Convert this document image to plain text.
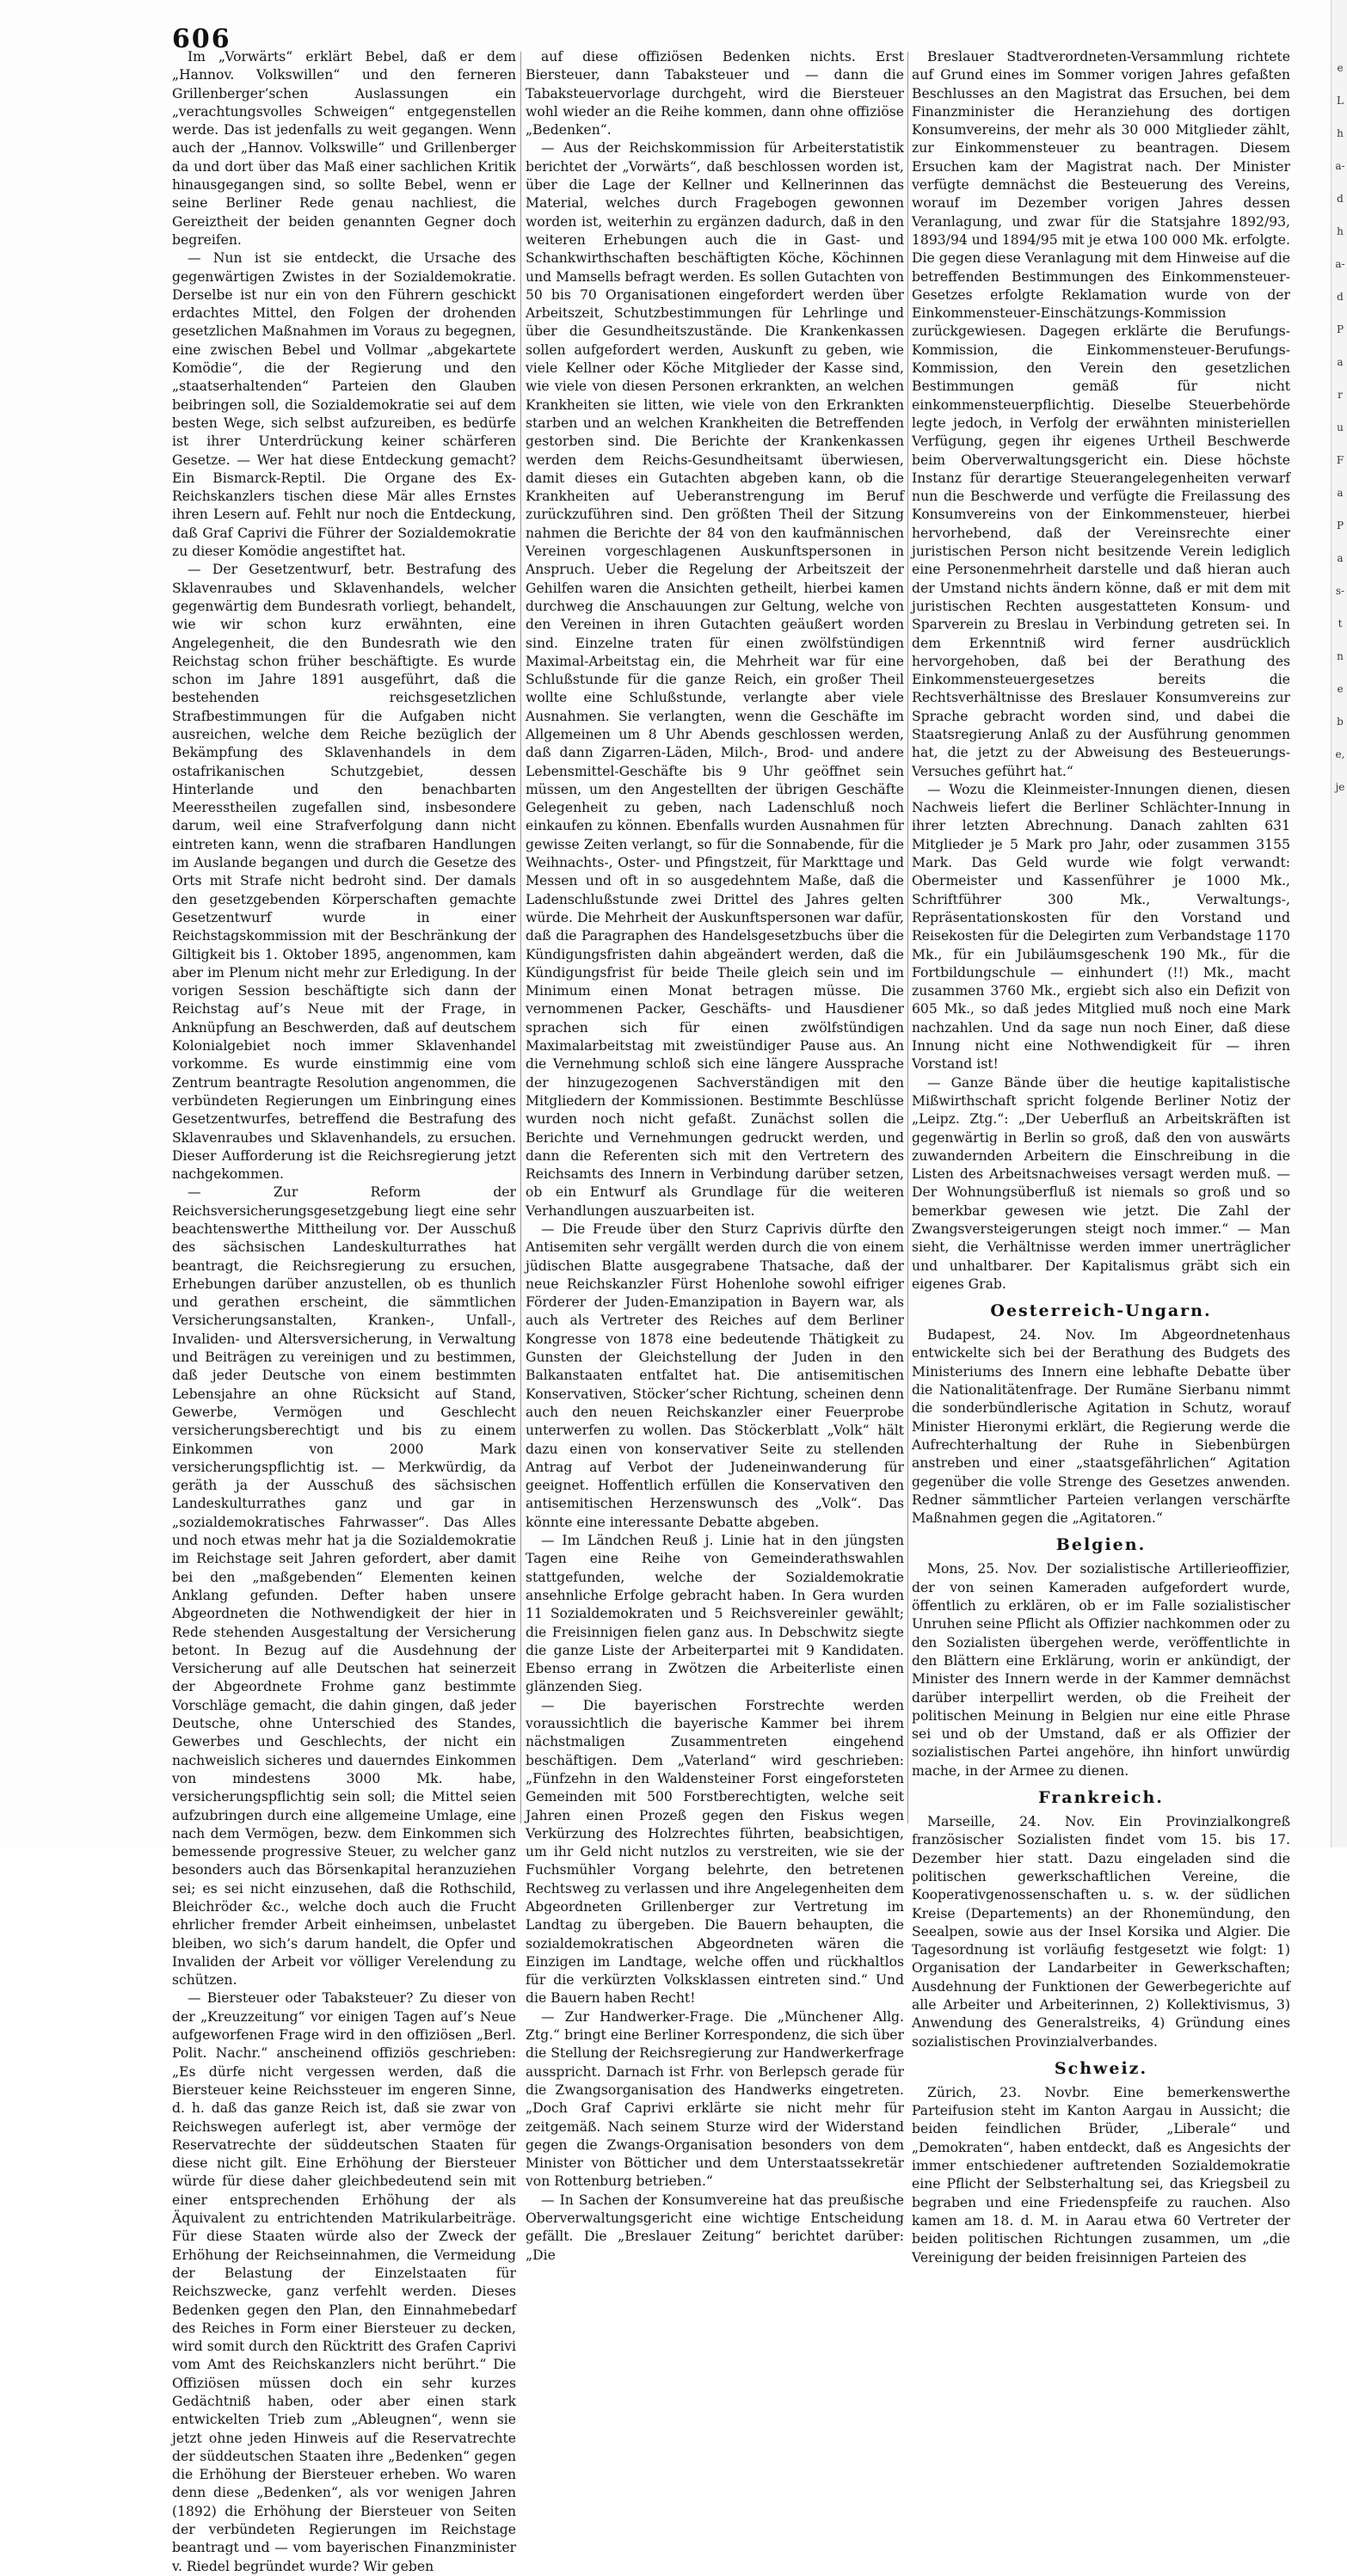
606

Im „Vorwärts“ erklärt Bebel, daß er dem „Hannov. Volkswillen“ und den ferneren Grillenberger’schen Auslassungen ein „verachtungsvolles Schweigen“ entgegenstellen werde. Das ist jedenfalls zu weit gegangen. Wenn auch der „Hannov. Volkswille“ und Grillenberger da und dort über das Maß einer sachlichen Kritik hinausgegangen sind, so sollte Bebel, wenn er seine Berliner Rede genau nachliest, die Gereiztheit der beiden genannten Gegner doch begreifen.

— Nun ist sie entdeckt, die Ursache des gegenwärtigen Zwistes in der Sozialdemokratie. Derselbe ist nur ein von den Führern geschickt erdachtes Mittel, den Folgen der drohenden gesetzlichen Maßnahmen im Voraus zu begegnen, eine zwischen Bebel und Vollmar „abgekartete Komödie“, die der Regierung und den „staatserhaltenden“ Parteien den Glauben beibringen soll, die Sozialdemokratie sei auf dem besten Wege, sich selbst aufzureiben, es bedürfe ist ihrer Unterdrückung keiner schärferen Gesetze. — Wer hat diese Entdeckung gemacht? Ein Bismarck-Reptil. Die Organe des Ex-Reichskanzlers tischen diese Mär alles Ernstes ihren Lesern auf. Fehlt nur noch die Entdeckung, daß Graf Caprivi die Führer der Sozialdemokratie zu dieser Komödie angestiftet hat.

— Der Gesetzentwurf, betr. Bestrafung des Sklavenraubes und Sklavenhandels, welcher gegenwärtig dem Bundesrath vorliegt, behandelt, wie wir schon kurz erwähnten, eine Angelegenheit, die den Bundesrath wie den Reichstag schon früher beschäftigte. Es wurde schon im Jahre 1891 ausgeführt, daß die bestehenden reichsgesetzlichen Strafbestimmungen für die Aufgaben nicht ausreichen, welche dem Reiche bezüglich der Bekämpfung des Sklavenhandels in dem ostafrikanischen Schutzgebiet, dessen Hinterlande und den benachbarten Meeresstheilen zugefallen sind, insbesondere darum, weil eine Strafverfolgung dann nicht eintreten kann, wenn die strafbaren Handlungen im Auslande begangen und durch die Gesetze des Orts mit Strafe nicht bedroht sind. Der damals den gesetzgebenden Körperschaften gemachte Gesetzentwurf wurde in einer Reichstagskommission mit der Beschränkung der Giltigkeit bis 1. Oktober 1895, angenommen, kam aber im Plenum nicht mehr zur Erledigung. In der vorigen Session beschäftigte sich dann der Reichstag auf’s Neue mit der Frage, in Anknüpfung an Beschwerden, daß auf deutschem Kolonialgebiet noch immer Sklavenhandel vorkomme. Es wurde einstimmig eine vom Zentrum beantragte Resolution angenommen, die verbündeten Regierungen um Einbringung eines Gesetzentwurfes, betreffend die Bestrafung des Sklavenraubes und Sklavenhandels, zu ersuchen. Dieser Aufforderung ist die Reichsregierung jetzt nachgekommen.

— Zur Reform der Reichsversicherungsgesetzgebung liegt eine sehr beachtenswerthe Mittheilung vor. Der Ausschuß des sächsischen Landeskulturrathes hat beantragt, die Reichsregierung zu ersuchen, Erhebungen darüber anzustellen, ob es thunlich und gerathen erscheint, die sämmtlichen Versicherungsanstalten, Kranken-, Unfall-, Invaliden- und Altersversicherung, in Verwaltung und Beiträgen zu vereinigen und zu bestimmen, daß jeder Deutsche von einem bestimmten Lebensjahre an ohne Rücksicht auf Stand, Gewerbe, Vermögen und Geschlecht versicherungsberechtigt und bis zu einem Einkommen von 2000 Mark versicherungspflichtig ist. — Merkwürdig, da geräth ja der Ausschuß des sächsischen Landeskulturrathes ganz und gar in „sozialdemokratisches Fahrwasser“. Das Alles und noch etwas mehr hat ja die Sozialdemokratie im Reichstage seit Jahren gefordert, aber damit bei den „maßgebenden“ Elementen keinen Anklang gefunden. Defter haben unsere Abgeordneten die Nothwendigkeit der hier in Rede stehenden Ausgestaltung der Versicherung betont. In Bezug auf die Ausdehnung der Versicherung auf alle Deutschen hat seinerzeit der Abgeordnete Frohme ganz bestimmte Vorschläge gemacht, die dahin gingen, daß jeder Deutsche, ohne Unterschied des Standes, Gewerbes und Geschlechts, der nicht ein nachweislich sicheres und dauerndes Einkommen von mindestens 3000 Mk. habe, versicherungspflichtig sein soll; die Mittel seien aufzubringen durch eine allgemeine Umlage, eine nach dem Vermögen, bezw. dem Einkommen sich bemessende progressive Steuer, zu welcher ganz besonders auch das Börsenkapital heranzuziehen sei; es sei nicht einzusehen, daß die Rothschild, Bleichröder &c., welche doch auch die Frucht ehrlicher fremder Arbeit einheimsen, unbelastet bleiben, wo sich’s darum handelt, die Opfer und Invaliden der Arbeit vor völliger Verelendung zu schützen.

— Biersteuer oder Tabaksteuer? Zu dieser von der „Kreuzzeitung“ vor einigen Tagen auf’s Neue aufgeworfenen Frage wird in den offiziösen „Berl. Polit. Nachr.“ anscheinend offiziös geschrieben: „Es dürfe nicht vergessen werden, daß die Biersteuer keine Reichssteuer im engeren Sinne, d. h. daß das ganze Reich ist, daß sie zwar von Reichswegen auferlegt ist, aber vermöge der Reservatrechte der süddeutschen Staaten für diese nicht gilt. Eine Erhöhung der Biersteuer würde für diese daher gleichbedeutend sein mit einer entsprechenden Erhöhung der als Äquivalent zu entrichtenden Matrikularbeiträge. Für diese Staaten würde also der Zweck der Erhöhung der Reichseinnahmen, die Vermeidung der Belastung der Einzelstaaten für Reichszwecke, ganz verfehlt werden. Dieses Bedenken gegen den Plan, den Einnahmebedarf des Reiches in Form einer Biersteuer zu decken, wird somit durch den Rücktritt des Grafen Caprivi vom Amt des Reichskanzlers nicht berührt.“ Die Offiziösen müssen doch ein sehr kurzes Gedächtniß haben, oder aber einen stark entwickelten Trieb zum „Ableugnen“, wenn sie jetzt ohne jeden Hinweis auf die Reservatrechte der süddeutschen Staaten ihre „Bedenken“ gegen die Erhöhung der Biersteuer erheben. Wo waren denn diese „Bedenken“, als vor wenigen Jahren (1892) die Erhöhung der Biersteuer von Seiten der verbündeten Regierungen im Reichstage beantragt und — vom bayerischen Finanzminister v. Riedel begründet wurde? Wir geben

auf diese offiziösen Bedenken nichts. Erst Biersteuer, dann Tabaksteuer und — dann die Tabaksteuervorlage durchgeht, wird die Biersteuer wohl wieder an die Reihe kommen, dann ohne offiziöse „Bedenken“.

— Aus der Reichskommission für Arbeiterstatistik berichtet der „Vorwärts“, daß beschlossen worden ist, über die Lage der Kellner und Kellnerinnen das Material, welches durch Fragebogen gewonnen worden ist, weiterhin zu ergänzen dadurch, daß in den weiteren Erhebungen auch die in Gast- und Schankwirthschaften beschäftigten Köche, Köchinnen und Mamsells befragt werden. Es sollen Gutachten von 50 bis 70 Organisationen eingefordert werden über Arbeitszeit, Schutzbestimmungen für Lehrlinge und über die Gesundheitszustände. Die Krankenkassen sollen aufgefordert werden, Auskunft zu geben, wie viele Kellner oder Köche Mitglieder der Kasse sind, wie viele von diesen Personen erkrankten, an welchen Krankheiten sie litten, wie viele von den Erkrankten starben und an welchen Krankheiten die Betreffenden gestorben sind. Die Berichte der Krankenkassen werden dem Reichs-Gesundheitsamt überwiesen, damit dieses ein Gutachten abgeben kann, ob die Krankheiten auf Ueberanstrengung im Beruf zurückzuführen sind. Den größten Theil der Sitzung nahmen die Berichte der 84 von den kaufmännischen Vereinen vorgeschlagenen Auskunftspersonen in Anspruch. Ueber die Regelung der Arbeitszeit der Gehilfen waren die Ansichten getheilt, hierbei kamen durchweg die Anschauungen zur Geltung, welche von den Vereinen in ihren Gutachten geäußert worden sind. Einzelne traten für einen zwölfstündigen Maximal-Arbeitstag ein, die Mehrheit war für eine Schlußstunde für die ganze Reich, ein großer Theil wollte eine Schlußstunde, verlangte aber viele Ausnahmen. Sie verlangten, wenn die Geschäfte im Allgemeinen um 8 Uhr Abends geschlossen werden, daß dann Zigarren-Läden, Milch-, Brod- und andere Lebensmittel-Geschäfte bis 9 Uhr geöffnet sein müssen, um den Angestellten der übrigen Geschäfte Gelegenheit zu geben, nach Ladenschluß noch einkaufen zu können. Ebenfalls wurden Ausnahmen für gewisse Zeiten verlangt, so für die Sonnabende, für die Weihnachts-, Oster- und Pfingstzeit, für Markttage und Messen und oft in so ausgedehntem Maße, daß die Ladenschlußstunde zwei Drittel des Jahres gelten würde. Die Mehrheit der Auskunftspersonen war dafür, daß die Paragraphen des Handelsgesetzbuchs über die Kündigungsfristen dahin abgeändert werden, daß die Kündigungsfrist für beide Theile gleich sein und im Minimum einen Monat betragen müsse. Die vernommenen Packer, Geschäfts- und Hausdiener sprachen sich für einen zwölfstündigen Maximalarbeitstag mit zweistündiger Pause aus. An die Vernehmung schloß sich eine längere Aussprache der hinzugezogenen Sachverständigen mit den Mitgliedern der Kommissionen. Bestimmte Beschlüsse wurden noch nicht gefaßt. Zunächst sollen die Berichte und Vernehmungen gedruckt werden, und dann die Referenten sich mit den Vertretern des Reichsamts des Innern in Verbindung darüber setzen, ob ein Entwurf als Grundlage für die weiteren Verhandlungen auszuarbeiten ist.

— Die Freude über den Sturz Caprivis dürfte den Antisemiten sehr vergällt werden durch die von einem jüdischen Blatte ausgegrabene Thatsache, daß der neue Reichskanzler Fürst Hohenlohe sowohl eifriger Förderer der Juden-Emanzipation in Bayern war, als auch als Vertreter des Reiches auf dem Berliner Kongresse von 1878 eine bedeutende Thätigkeit zu Gunsten der Gleichstellung der Juden in den Balkanstaaten entfaltet hat. Die antisemitischen Konservativen, Stöcker’scher Richtung, scheinen denn auch den neuen Reichskanzler einer Feuerprobe unterwerfen zu wollen. Das Stöckerblatt „Volk“ hält dazu einen von konservativer Seite zu stellenden Antrag auf Verbot der Judeneinwanderung für geeignet. Hoffentlich erfüllen die Konservativen den antisemitischen Herzenswunsch des „Volk“. Das könnte eine interessante Debatte abgeben.

— Im Ländchen Reuß j. Linie hat in den jüngsten Tagen eine Reihe von Gemeinderathswahlen stattgefunden, welche der Sozialdemokratie ansehnliche Erfolge gebracht haben. In Gera wurden 11 Sozialdemokraten und 5 Reichsvereinler gewählt; die Freisinnigen fielen ganz aus. In Debschwitz siegte die ganze Liste der Arbeiterpartei mit 9 Kandidaten. Ebenso errang in Zwötzen die Arbeiterliste einen glänzenden Sieg.

— Die bayerischen Forstrechte werden voraussichtlich die bayerische Kammer bei ihrem nächstmaligen Zusammentreten eingehend beschäftigen. Dem „Vaterland“ wird geschrieben: „Fünfzehn in den Waldensteiner Forst eingeforsteten Gemeinden mit 500 Forstberechtigten, welche seit Jahren einen Prozeß gegen den Fiskus wegen Verkürzung des Holzrechtes führten, beabsichtigen, um ihr Geld nicht nutzlos zu verstreiten, wie sie der Fuchsmühler Vorgang belehrte, den betretenen Rechtsweg zu verlassen und ihre Angelegenheiten dem Abgeordneten Grillenberger zur Vertretung im Landtag zu übergeben. Die Bauern behaupten, die sozialdemokratischen Abgeordneten wären die Einzigen im Landtage, welche offen und rückhaltlos für die verkürzten Volksklassen eintreten sind.“ Und die Bauern haben Recht!

— Zur Handwerker-Frage. Die „Münchener Allg. Ztg.“ bringt eine Berliner Korrespondenz, die sich über die Stellung der Reichsregierung zur Handwerkerfrage ausspricht. Darnach ist Frhr. von Berlepsch gerade für die Zwangsorganisation des Handwerks eingetreten. „Doch Graf Caprivi erklärte sie nicht mehr für zeitgemäß. Nach seinem Sturze wird der Widerstand gegen die Zwangs-Organisation besonders von dem Minister von Bötticher und dem Unterstaatssekretär von Rottenburg betrieben.“

— In Sachen der Konsumvereine hat das preußische Oberverwaltungsgericht eine wichtige Entscheidung gefällt. Die „Breslauer Zeitung“ berichtet darüber: „Die

Breslauer Stadtverordneten-Versammlung richtete auf Grund eines im Sommer vorigen Jahres gefaßten Beschlusses an den Magistrat das Ersuchen, bei dem Finanzminister die Heranziehung des dortigen Konsumvereins, der mehr als 30 000 Mitglieder zählt, zur Einkommensteuer zu beantragen. Diesem Ersuchen kam der Magistrat nach. Der Minister verfügte demnächst die Besteuerung des Vereins, worauf im Dezember vorigen Jahres dessen Veranlagung, und zwar für die Statsjahre 1892/93, 1893/94 und 1894/95 mit je etwa 100 000 Mk. erfolgte. Die gegen diese Veranlagung mit dem Hinweise auf die betreffenden Bestimmungen des Einkommensteuer-Gesetzes erfolgte Reklamation wurde von der Einkommensteuer-Einschätzungs-Kommission zurückgewiesen. Dagegen erklärte die Berufungs-Kommission, die Einkommensteuer-Berufungs-Kommission, den Verein den gesetzlichen Bestimmungen gemäß für nicht einkommensteuerpflichtig. Dieselbe Steuerbehörde legte jedoch, in Verfolg der erwähnten ministeriellen Verfügung, gegen ihr eigenes Urtheil Beschwerde beim Oberverwaltungsgericht ein. Diese höchste Instanz für derartige Steuerangelegenheiten verwarf nun die Beschwerde und verfügte die Freilassung des Konsumvereins von der Einkommensteuer, hierbei hervorhebend, daß der Vereinsrechte einer juristischen Person nicht besitzende Verein lediglich eine Personenmehrheit darstelle und daß hieran auch der Umstand nichts ändern könne, daß er mit dem mit juristischen Rechten ausgestatteten Konsum- und Sparverein zu Breslau in Verbindung getreten sei. In dem Erkenntniß wird ferner ausdrücklich hervorgehoben, daß bei der Berathung des Einkommensteuergesetzes bereits die Rechtsverhältnisse des Breslauer Konsumvereins zur Sprache gebracht worden sind, und dabei die Staatsregierung Anlaß zu der Ausführung genommen hat, die jetzt zu der Abweisung des Besteuerungs-Versuches geführt hat.“

— Wozu die Kleinmeister-Innungen dienen, diesen Nachweis liefert die Berliner Schlächter-Innung in ihrer letzten Abrechnung. Danach zahlten 631 Mitglieder je 5 Mark pro Jahr, oder zusammen 3155 Mark. Das Geld wurde wie folgt verwandt: Obermeister und Kassenführer je 1000 Mk., Schriftführer 300 Mk., Verwaltungs-, Repräsentationskosten für den Vorstand und Reisekosten für die Delegirten zum Verbandstage 1170 Mk., für ein Jubiläumsgeschenk 190 Mk., für die Fortbildungschule — einhundert (!!) Mk., macht zusammen 3760 Mk., ergiebt sich also ein Defizit von 605 Mk., so daß jedes Mitglied muß noch eine Mark nachzahlen. Und da sage nun noch Einer, daß diese Innung nicht eine Nothwendigkeit für — ihren Vorstand ist!

— Ganze Bände über die heutige kapitalistische Mißwirthschaft spricht folgende Berliner Notiz der „Leipz. Ztg.“: „Der Ueberfluß an Arbeitskräften ist gegenwärtig in Berlin so groß, daß den von auswärts zuwandernden Arbeitern die Einschreibung in die Listen des Arbeitsnachweises versagt werden muß. — Der Wohnungsüberfluß ist niemals so groß und so bemerkbar gewesen wie jetzt. Die Zahl der Zwangsversteigerungen steigt noch immer.“ — Man sieht, die Verhältnisse werden immer unerträglicher und unhaltbarer. Der Kapitalismus gräbt sich ein eigenes Grab.

Oesterreich-Ungarn.

Budapest, 24. Nov. Im Abgeordnetenhaus entwickelte sich bei der Berathung des Budgets des Ministeriums des Innern eine lebhafte Debatte über die Nationalitätenfrage. Der Rumäne Sierbanu nimmt die sonderbündlerische Agitation in Schutz, worauf Minister Hieronymi erklärt, die Regierung werde die Aufrechterhaltung der Ruhe in Siebenbürgen anstreben und einer „staatsgefährlichen“ Agitation gegenüber die volle Strenge des Gesetzes anwenden. Redner sämmtlicher Parteien verlangen verschärfte Maßnahmen gegen die „Agitatoren.“

Belgien.

Mons, 25. Nov. Der sozialistische Artillerieoffizier, der von seinen Kameraden aufgefordert wurde, öffentlich zu erklären, ob er im Falle sozialistischer Unruhen seine Pflicht als Offizier nachkommen oder zu den Sozialisten übergehen werde, veröffentlichte in den Blättern eine Erklärung, worin er ankündigt, der Minister des Innern werde in der Kammer demnächst darüber interpellirt werden, ob die Freiheit der politischen Meinung in Belgien nur eine eitle Phrase sei und ob der Umstand, daß er als Offizier der sozialistischen Partei angehöre, ihn hinfort unwürdig mache, in der Armee zu dienen.

Frankreich.

Marseille, 24. Nov. Ein Provinzialkongreß französischer Sozialisten findet vom 15. bis 17. Dezember hier statt. Dazu eingeladen sind die politischen gewerkschaftlichen Vereine, die Kooperativgenossenschaften u. s. w. der südlichen Kreise (Departements) an der Rhonemündung, den Seealpen, sowie aus der Insel Korsika und Algier. Die Tagesordnung ist vorläufig festgesetzt wie folgt: 1) Organisation der Landarbeiter in Gewerkschaften; Ausdehnung der Funktionen der Gewerbegerichte auf alle Arbeiter und Arbeiterinnen, 2) Kollektivismus, 3) Anwendung des Generalstreiks, 4) Gründung eines sozialistischen Provinzialverbandes.

Schweiz.

Zürich, 23. Novbr. Eine bemerkenswerthe Parteifusion steht im Kanton Aargau in Aussicht; die beiden feindlichen Brüder, „Liberale“ und „Demokraten“, haben entdeckt, daß es Angesichts der immer entschiedener auftretenden Sozialdemokratie eine Pflicht der Selbsterhaltung sei, das Kriegsbeil zu begraben und eine Friedenspfeife zu rauchen. Also kamen am 18. d. M. in Aarau etwa 60 Vertreter der beiden politischen Richtungen zusammen, um „die Vereinigung der beiden freisinnigen Parteien des

eL ha-d ha-d Pa ru Fa Pa s-t ne be, je
